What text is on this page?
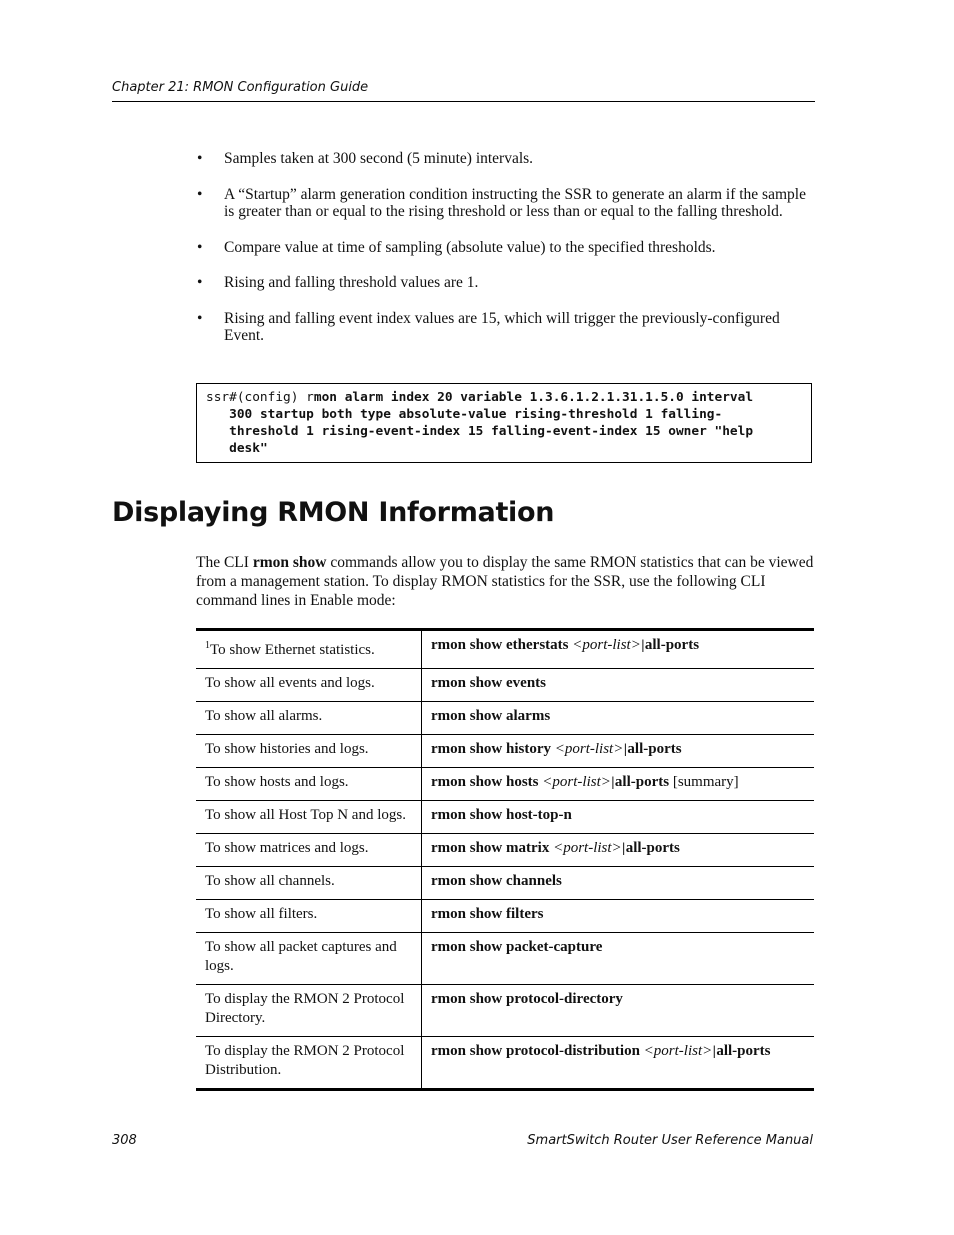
Chapter 21: RMON Configuration Guide
• Samples taken at 300 second (5 minute) intervals.
• A “Startup” alarm generation condition instructing the SSR to generate an alarm if the sample is greater than or equal to the rising threshold or less than or equal to the falling threshold.
• Compare value at time of sampling (absolute value) to the specified thresholds.
• Rising and falling threshold values are 1.
• Rising and falling event index values are 15, which will trigger the previously-configured Event.
ssr#(config) rmon alarm index 20 variable 1.3.6.1.2.1.31.1.5.0 interval
300 startup both type absolute-value rising-threshold 1 falling-
threshold 1 rising-event-index 15 falling-event-index 15 owner "help
desk"
Displaying RMON Information

The CLI rmon show commands allow you to display the same RMON statistics that can be viewed from a management station. To display RMON statistics for the SSR, use the following CLI command lines in Enable mode:

$^1$To show Ethernet statistics.	rmon show etherstats <port-list>|all-ports
To show all events and logs.	rmon show events
To show all alarms.	rmon show alarms
To show histories and logs.	rmon show history <port-list>|all-ports
To show hosts and logs.	rmon show hosts <port-list>|all-ports [summary]
To show all Host Top N and logs.	rmon show host-top-n
To show matrices and logs.	rmon show matrix <port-list>|all-ports
To show all channels.	rmon show channels
To show all filters.	rmon show filters
To show all packet captures and logs.	rmon show packet-capture
To display the RMON 2 Protocol Directory.	rmon show protocol-directory
To display the RMON 2 Protocol Distribution.	rmon show protocol-distribution <port-list>|all-ports
308	SmartSwitch Router User Reference Manual
